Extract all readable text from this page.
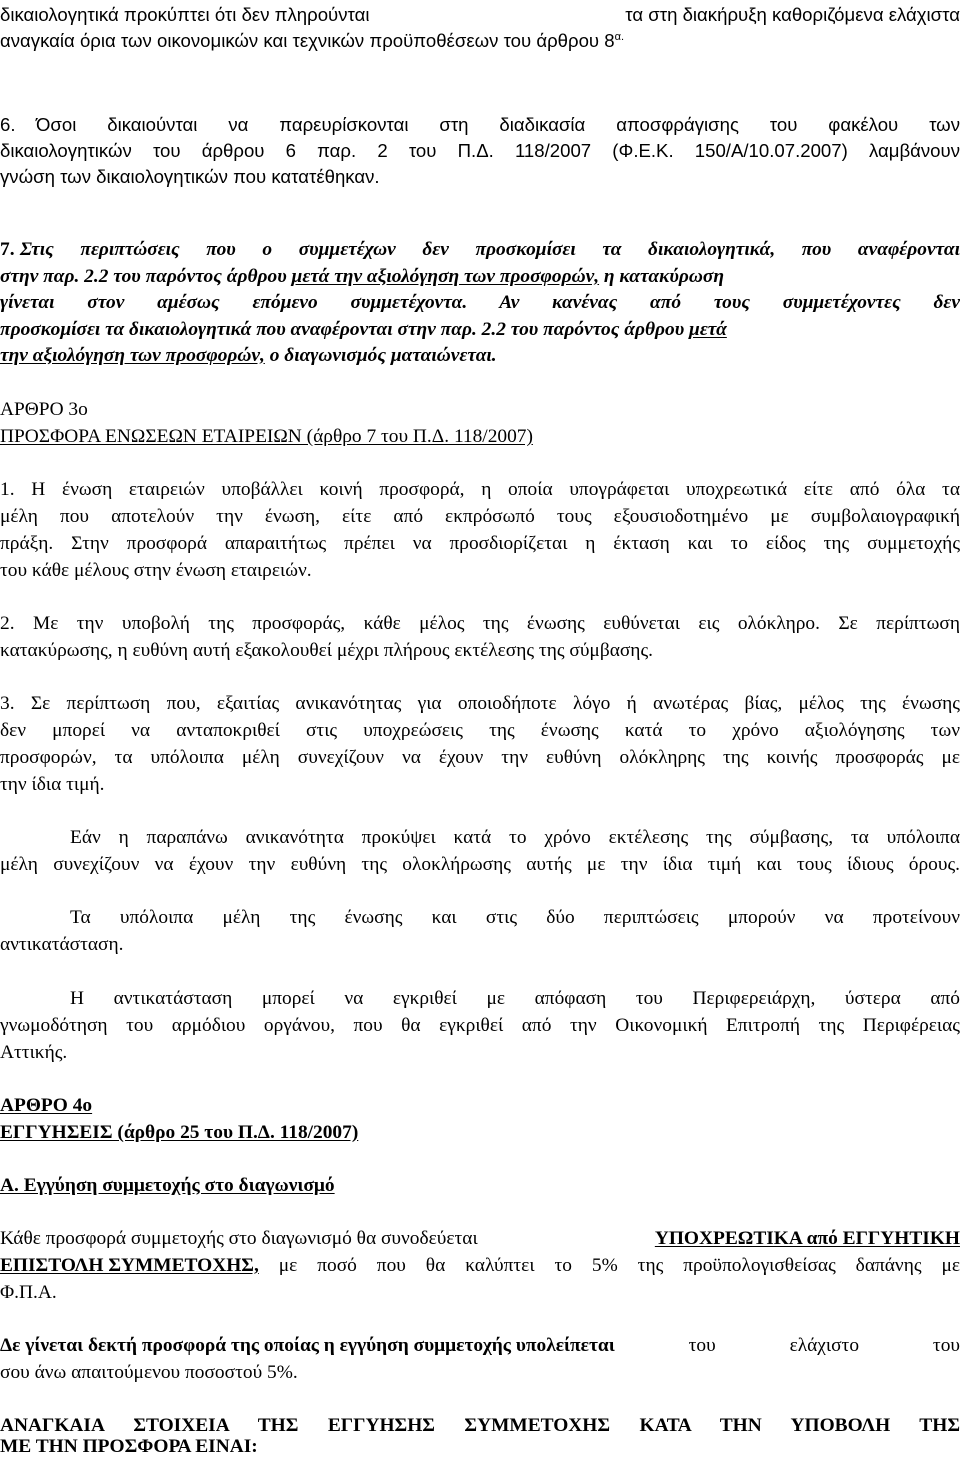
δικαιολογητικά προκύπτει ότι δεν πληρούνται	τα στη διακήρυξη καθοριζόμενα ελάχιστα
αναγκαία όρια των οικονομικών και τεχνικών προϋποθέσεων του άρθρου $8^{\alpha.}$
6.	Όσοι δικαιούνται να παρευρίσκονται στη διαδικασία αποσφράγισης του φακέλου των
δικαιολογητικών του άρθρου 6 παρ. 2 του Π.Δ. 118/2007 (Φ.Ε.Κ. 150/Α/10.07.2007) λαμβάνουν
γνώση των δικαιολογητικών που κατατέθηκαν.
7. Στις περιπτώσεις που ο συμμετέχων δεν προσκομίσει τα δικαιολογητικά, που αναφέρονται
στην παρ. 2.2 του παρόντος άρθρου μετά την αξιολόγηση των προσφορών, η κατακύρωση
γίνεται στον αμέσως επόμενο συμμετέχοντα. Αν κανένας από τους συμμετέχοντες δεν
προσκομίσει τα δικαιολογητικά που αναφέρονται στην παρ. 2.2 του παρόντος άρθρου μετά
την αξιολόγηση των προσφορών, ο διαγωνισμός ματαιώνεται.
ΑΡΘΡΟ 3ο
ΠΡΟΣΦΟΡΑ ΕΝΩΣΕΩΝ ΕΤΑΙΡΕΙΩΝ (άρθρο 7 του Π.Δ. 118/2007)
1. Η ένωση εταιρειών υποβάλλει κοινή προσφορά, η οποία υπογράφεται υποχρεωτικά είτε από όλα τα
μέλη που αποτελούν την ένωση, είτε από εκπρόσωπό τους εξουσιοδοτημένο με συμβολαιογραφική
πράξη. Στην προσφορά απαραιτήτως πρέπει να προσδιορίζεται η έκταση και το είδος της συμμετοχής
του κάθε μέλους στην ένωση εταιρειών.
2. Με την υποβολή της προσφοράς, κάθε μέλος της ένωσης ευθύνεται εις ολόκληρο. Σε περίπτωση
κατακύρωσης, η ευθύνη αυτή εξακολουθεί μέχρι πλήρους εκτέλεσης της σύμβασης.
3. Σε περίπτωση που, εξαιτίας ανικανότητας για οποιοδήποτε λόγο ή ανωτέρας βίας, μέλος της ένωσης
δεν μπορεί να ανταποκριθεί στις υποχρεώσεις της ένωσης κατά το χρόνο αξιολόγησης των
προσφορών, τα υπόλοιπα μέλη συνεχίζουν να έχουν την ευθύνη ολόκληρης της κοινής προσφοράς με
την ίδια τιμή.
Εάν η παραπάνω ανικανότητα προκύψει κατά το χρόνο εκτέλεσης της σύμβασης, τα υπόλοιπα
μέλη συνεχίζουν να έχουν την ευθύνη της ολοκλήρωσης αυτής με την ίδια τιμή και τους ίδιους όρους.
Τα υπόλοιπα μέλη της ένωσης και στις δύο περιπτώσεις μπορούν να προτείνουν
αντικατάσταση.
Η αντικατάσταση μπορεί να εγκριθεί με απόφαση του Περιφερειάρχη, ύστερα από
γνωμοδότηση του αρμόδιου οργάνου, που θα εγκριθεί από την Οικονομική Επιτροπή της Περιφέρειας
Αττικής.
ΑΡΘΡΟ 4ο
ΕΓΓΥΗΣΕΙΣ (άρθρο 25 του Π.Δ. 118/2007)
Α. Εγγύηση συμμετοχής στο διαγωνισμό
Κάθε προσφορά συμμετοχής στο διαγωνισμό θα συνοδεύεται	ΥΠΟΧΡΕΩΤΙΚΑ από ΕΓΓΥΗΤΙΚΗ
ΕΠΙΣΤΟΛΗ ΣΥΜΜΕΤΟΧΗΣ, με ποσό που θα καλύπτει το 5% της προϋπολογισθείσας δαπάνης με
Φ.Π.Α.
Δε γίνεται δεκτή προσφορά της οποίας η εγγύηση συμμετοχής υπολείπεται του ελάχιστο του
σου άνω απαιτούμενου ποσοστού 5%.
ΑΝΑΓΚΑΙΑ ΣΤΟΙΧΕΙΑ ΤΗΣ ΕΓΓΥΗΣΗΣ ΣΥΜΜΕΤΟΧΗΣ ΚΑΤΑ ΤΗΝ ΥΠΟΒΟΛΗ ΤΗΣ
ΜΕ ΤΗΝ ΠΡΟΣΦΟΡΑ ΕΙΝΑΙ:
